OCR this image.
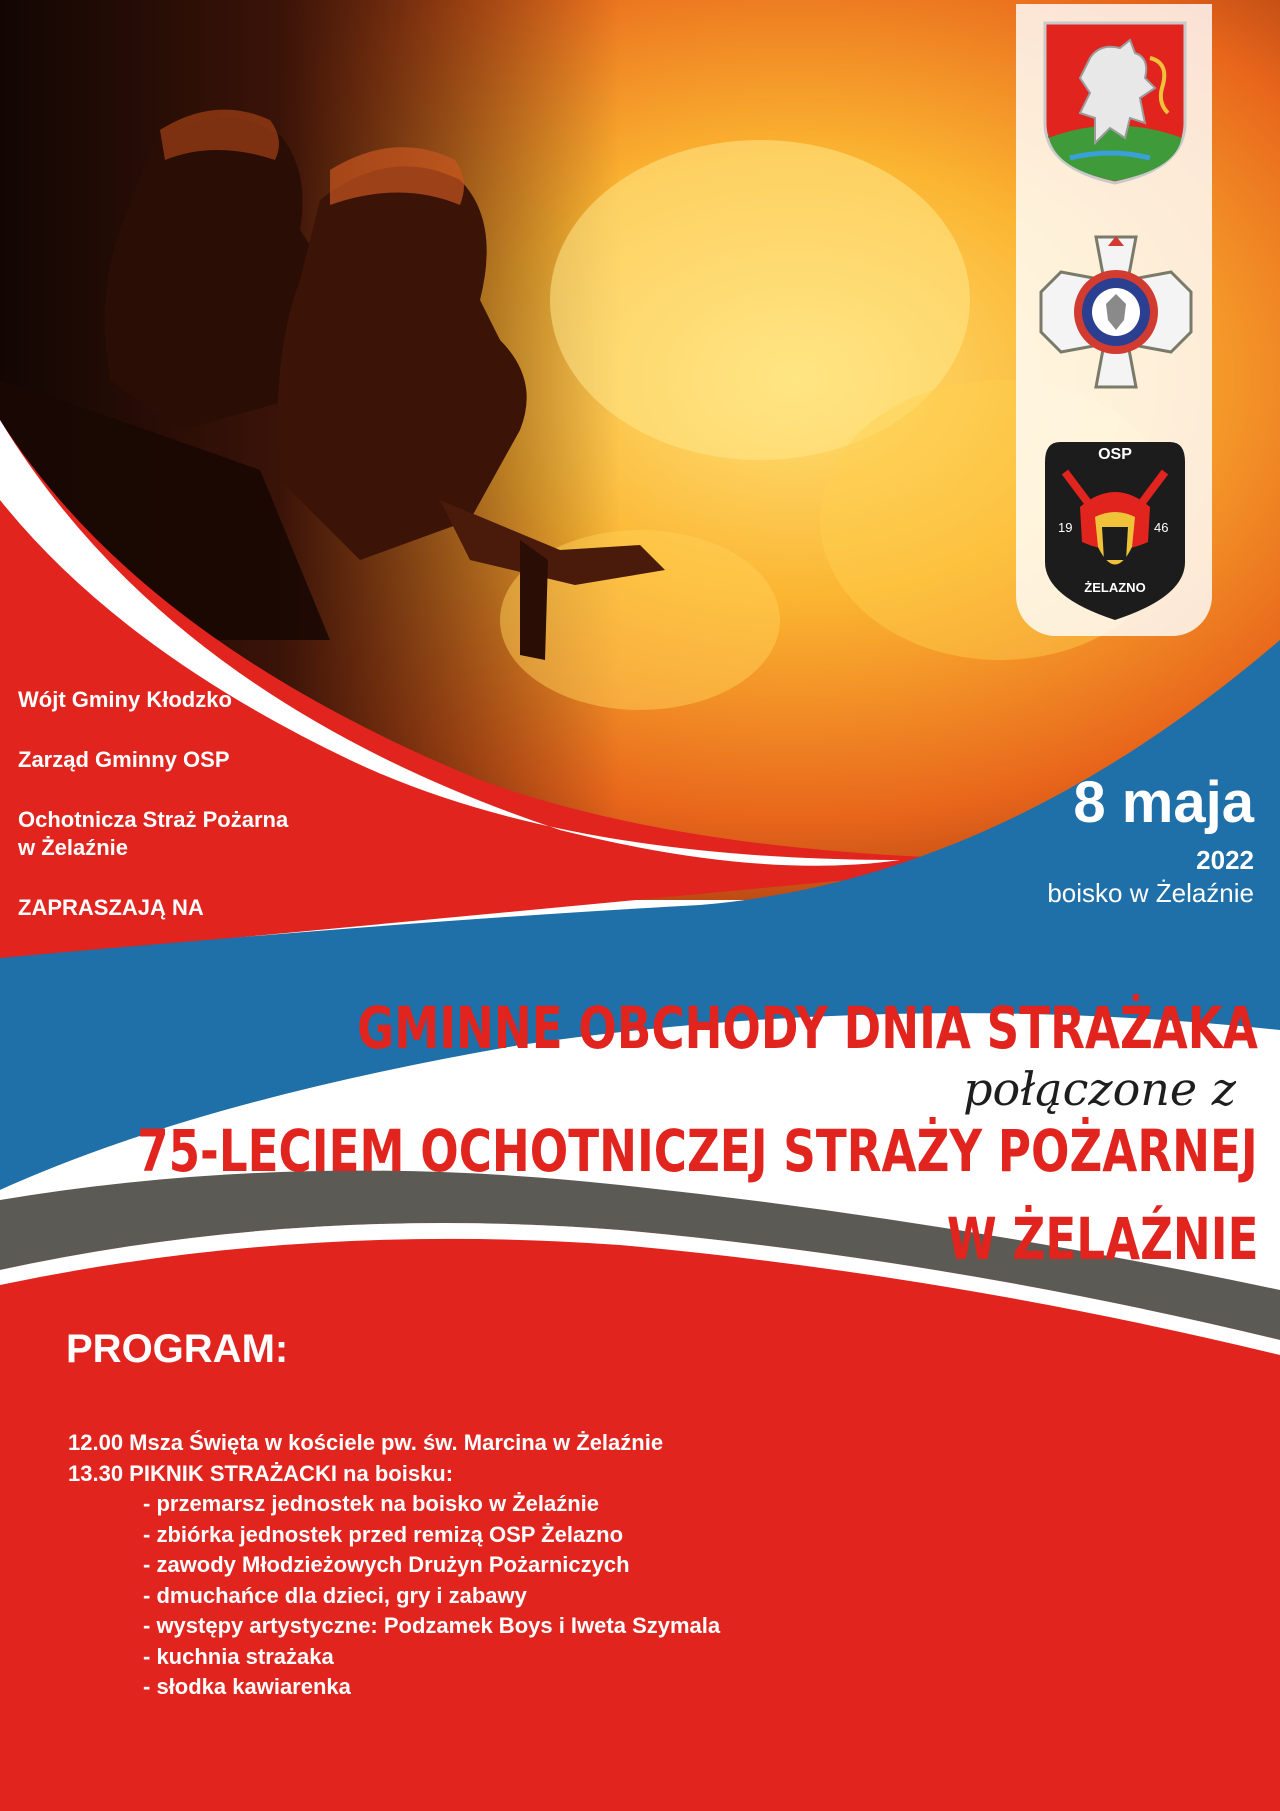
OSP
19	46
ŻELAZNO
Wójt Gminy Kłodzko
Zarząd Gminny OSP
Ochotnicza Straż Pożarna
w Żelaźnie
ZAPRASZAJĄ NA
8 maja
2022
boisko w Żelaźnie
GMINNE OBCHODY DNIA STRAŻAKA
połączone z
75-LECIEM OCHOTNICZEJ STRAŻY POŻARNEJ
W ŻELAŹNIE
PROGRAM:
12.00 Msza Święta w kościele pw. św. Marcina w Żelaźnie
13.30 PIKNIK STRAŻACKI na boisku:
- przemarsz jednostek na boisko w Żelaźnie
- zbiórka jednostek przed remizą OSP Żelazno
- zawody Młodzieżowych Drużyn Pożarniczych
- dmuchańce dla dzieci, gry i zabawy
- występy artystyczne: Podzamek Boys i Iweta Szymala
- kuchnia strażaka
- słodka kawiarenka
